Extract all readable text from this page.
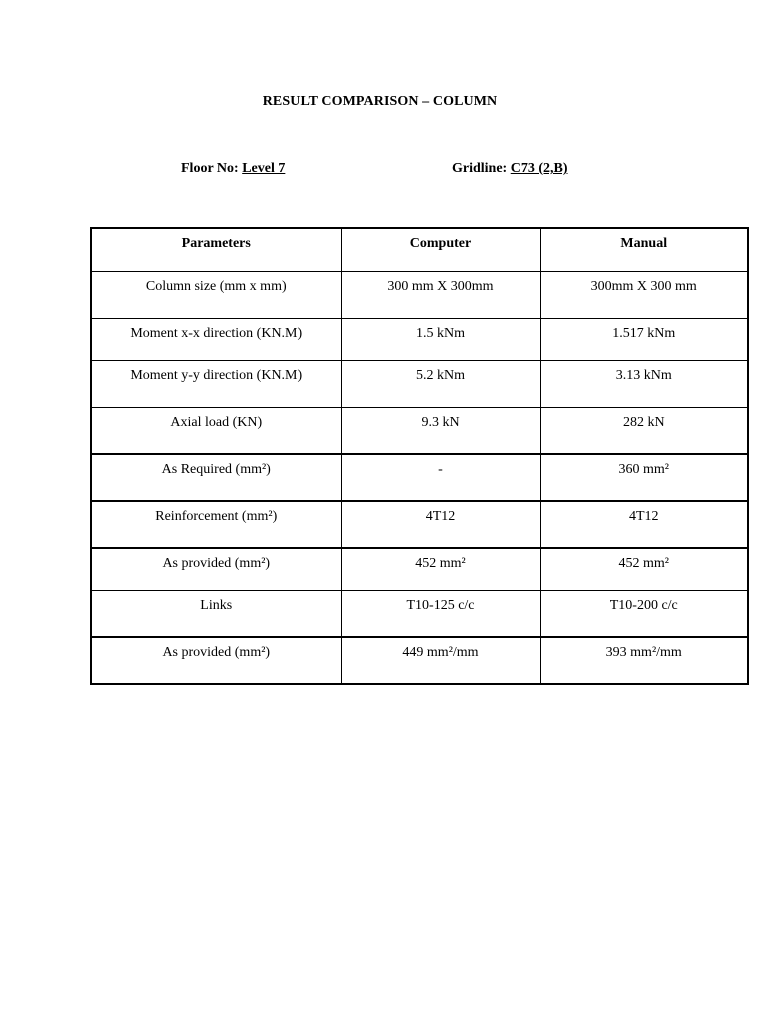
RESULT COMPARISON – COLUMN
Floor No: Level 7	Gridline: C73 (2,B)
Parameters	Computer	Manual
Column size (mm x mm)	300 mm X 300mm	300mm X 300 mm
Moment x-x direction (KN.M)	1.5 kNm	1.517 kNm
Moment y-y direction (KN.M)	5.2 kNm	3.13 kNm
Axial load (KN)	9.3 kN	282 kN
As Required (mm²)	-	360 mm²
Reinforcement (mm²)	4T12	4T12
As provided (mm²)	452 mm²	452 mm²
Links	T10-125 c/c	T10-200 c/c
As provided (mm²)	449 mm²/mm	393 mm²/mm
